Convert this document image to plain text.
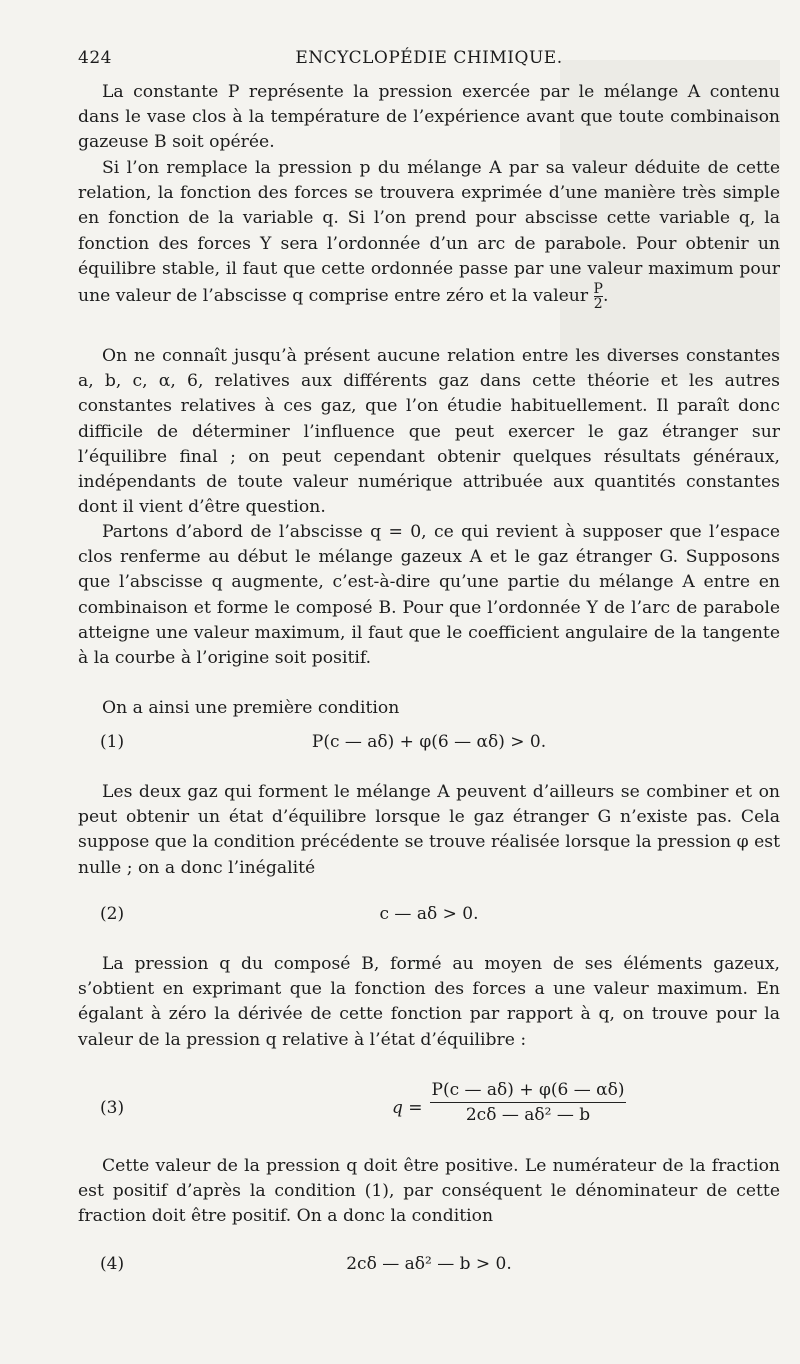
424	ENCYCLOPÉDIE CHIMIQUE.

La constante P représente la pression exercée par le mélange A contenu dans le vase clos à la température de l’expérience avant que toute combinaison gazeuse B soit opérée.

Si l’on remplace la pression p du mélange A par sa valeur déduite de cette relation, la fonction des forces se trouvera exprimée d’une manière très simple en fonction de la variable q. Si l’on prend pour abscisse cette variable q, la fonction des forces Y sera l’ordonnée d’un arc de parabole. Pour obtenir un équilibre stable, il faut que cette ordonnée passe par une valeur maximum pour une valeur de l’abscisse q comprise entre zéro et la valeur $\frac{P}{2}$ .

On ne connaît jusqu’à présent aucune relation entre les diverses constantes a, b, c, α, 6, relatives aux différents gaz dans cette théorie et les autres constantes relatives à ces gaz, que l’on étudie habituellement. Il paraît donc difficile de déterminer l’influence que peut exercer le gaz étranger sur l’équilibre final ; on peut cependant obtenir quelques résultats généraux, indépendants de toute valeur numérique attribuée aux quantités constantes dont il vient d’être question.

Partons d’abord de l’abscisse q = 0, ce qui revient à supposer que l’espace clos renferme au début le mélange gazeux A et le gaz étranger G. Supposons que l’abscisse q augmente, c’est-à-dire qu’une partie du mélange A entre en combinaison et forme le composé B. Pour que l’ordonnée Y de l’arc de parabole atteigne une valeur maximum, il faut que le coefficient angulaire de la tangente à la courbe à l’origine soit positif.

On a ainsi une première condition

(1)	P(c — aδ) + φ(6 — αδ) > 0.

Les deux gaz qui forment le mélange A peuvent d’ailleurs se combiner et on peut obtenir un état d’équilibre lorsque le gaz étranger G n’existe pas. Cela suppose que la condition précédente se trouve réalisée lorsque la pression φ est nulle ; on a donc l’inégalité

(2)	c — aδ > 0.

La pression q du composé B, formé au moyen de ses éléments gazeux, s’obtient en exprimant que la fonction des forces a une valeur maximum. En égalant à zéro la dérivée de cette fonction par rapport à q, on trouve pour la valeur de la pression q relative à l’état d’équilibre :

(3)	$q = \frac{P(c — a\delta) + \varphi(6 — \alpha\delta)}{\text{2cδ — aδ² — b}}$

Cette valeur de la pression q doit être positive. Le numérateur de la fraction est positif d’après la condition (1), par conséquent le dénominateur de cette fraction doit être positif. On a donc la condition

(4)	2cδ — aδ² — b > 0.
